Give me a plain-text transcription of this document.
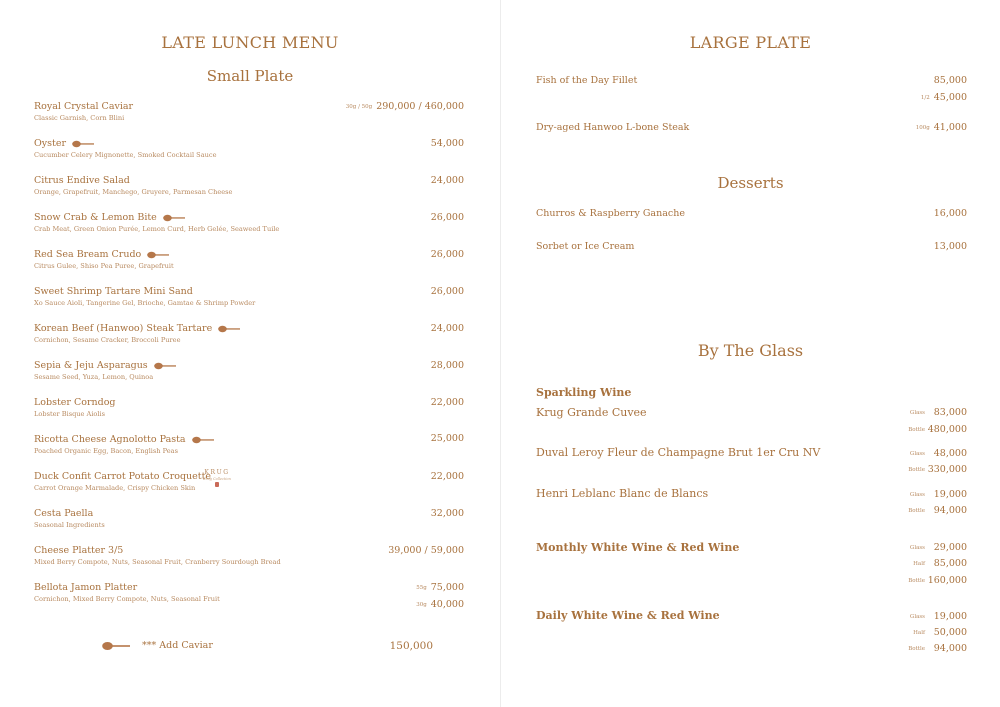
LATE LUNCH MENU
Small Plate
Royal Crystal Caviar
Classic Garnish, Corn Blini
30g / 50g 290,000 / 460,000
Oyster
Cucumber Celery Mignonette, Smoked Cocktail Sauce
54,000
Citrus Endive Salad
Orange, Grapefruit, Manchego, Gruyere, Parmesan Cheese
24,000
Snow Crab & Lemon Bite
Crab Meat, Green Onion Purée, Lemon Curd, Herb Gelée, Seaweed Tuile
26,000
Red Sea Bream Crudo
Citrus Gulee, Shiso Pea Puree, Grapefruit
26,000
Sweet Shrimp Tartare Mini Sand
Xo Sauce Aioli, Tangerine Gel, Brioche, Gamtae & Shrimp Powder
26,000
Korean Beef (Hanwoo) Steak Tartare
Cornichon, Sesame Cracker, Broccoli Puree
24,000
Sepia & Jeju Asparagus
Sesame Seed, Yuza, Lemon, Quinoa
28,000
Lobster Corndog
Lobster Bisque Aiolis
22,000
Ricotta Cheese Agnolotto Pasta
Poached Organic Egg, Bacon, English Peas
25,000
Duck Confit Carrot Potato Croquette
Carrot Orange Marmalade, Crispy Chicken Skin
KRUG
Krug Collection	22,000
Cesta Paella
Seasonal Ingredients
32,000
Cheese Platter 3/5
Mixed Berry Compote, Nuts, Seasonal Fruit, Cranberry Sourdough Bread
39,000 / 59,000
Bellota Jamon Platter
Cornichon, Mixed Berry Compote, Nuts, Seasonal Fruit
55g 75,000
30g 40,000
*** Add Caviar	150,000
LARGE PLATE
Fish of the Day Fillet	85,000
1/2 45,000
Dry-aged Hanwoo L-bone Steak	100g 41,000
Desserts
Churros & Raspberry Ganache	16,000
Sorbet or Ice Cream	13,000
By The Glass
Sparkling Wine
Krug Grande Cuvee	Glass 83,000
Bottle 480,000
Duval Leroy Fleur de Champagne Brut 1er Cru NV	Glass 48,000
Bottle 330,000
Henri Leblanc Blanc de Blancs	Glass 19,000
Bottle 94,000
Monthly White Wine & Red Wine	Glass 29,000
Half 85,000
Bottle 160,000
Daily White Wine & Red Wine	Glass 19,000
Half 50,000
Bottle 94,000
